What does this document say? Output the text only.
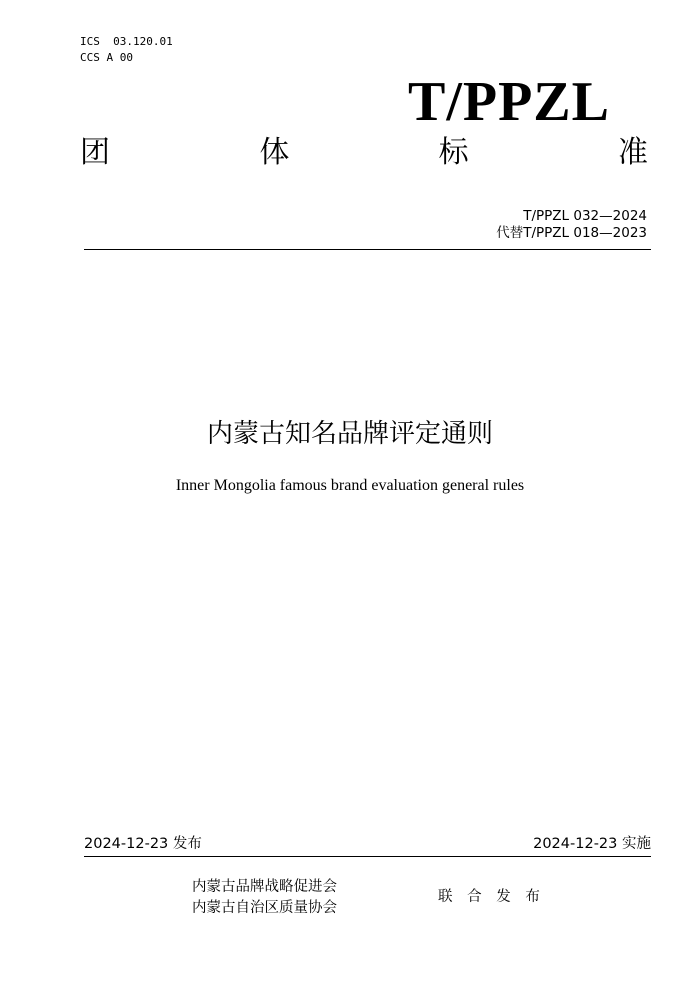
ICS  03.120.01
CCS A 00
T/PPZL
团	体	标	准
T/PPZL 032—2024
代替T/PPZL 018—2023
内蒙古知名品牌评定通则
Inner Mongolia famous brand evaluation general rules
2024-12-23 发布	2024-12-23 实施
内蒙古品牌战略促进会
内蒙古自治区质量协会
联 合 发 布
